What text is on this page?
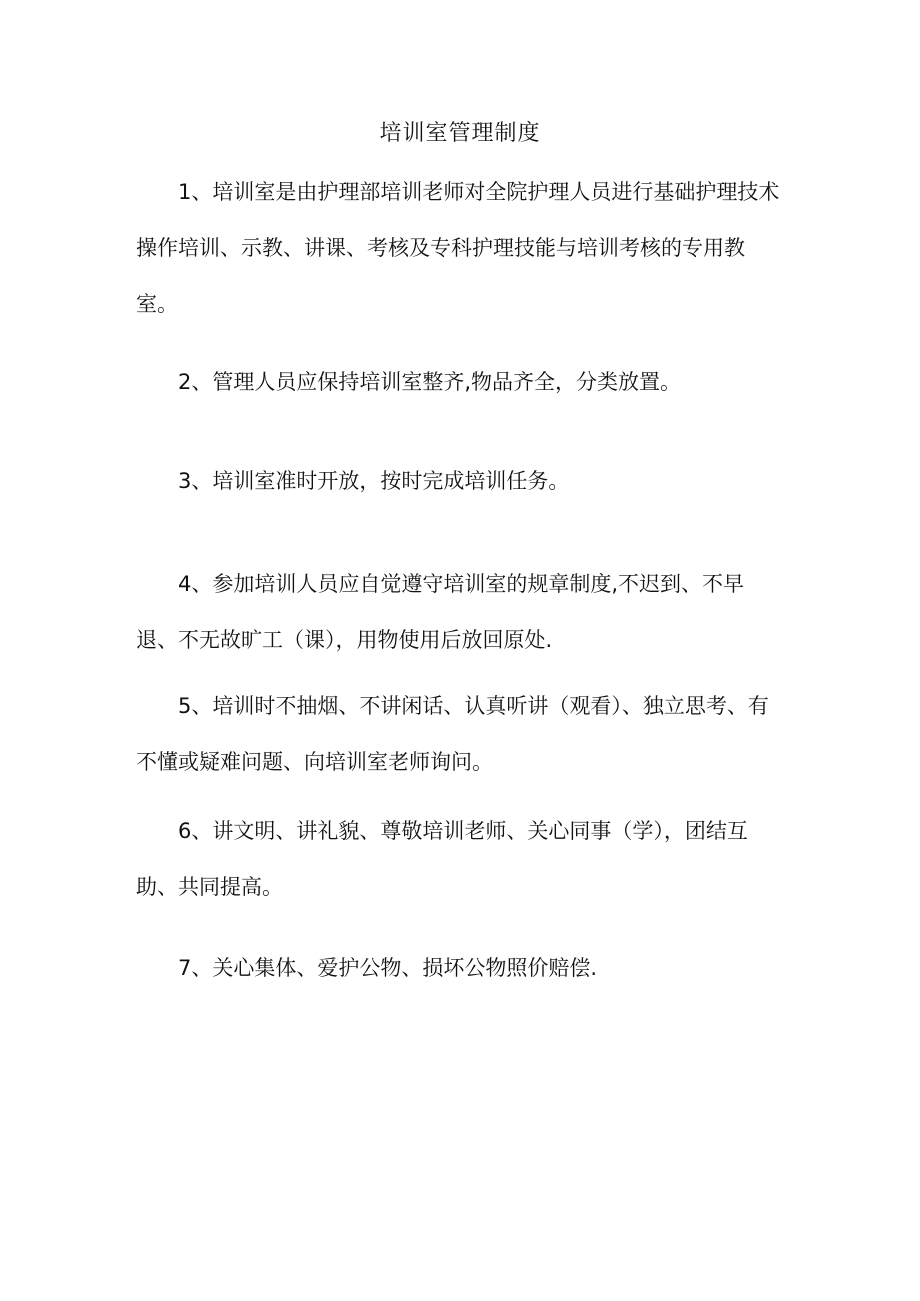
培训室管理制度

1、培训室是由护理部培训老师对全院护理人员进行基础护理技术操作培训、示教、讲课、考核及专科护理技能与培训考核的专用教室。

2、管理人员应保持培训室整齐,物品齐全，分类放置。

3、培训室准时开放，按时完成培训任务。

4、参加培训人员应自觉遵守培训室的规章制度,不迟到、不早退、不无故旷工（课），用物使用后放回原处.

5、培训时不抽烟、不讲闲话、认真听讲（观看）、独立思考、有不懂或疑难问题、向培训室老师询问。

6、讲文明、讲礼貌、尊敬培训老师、关心同事（学），团结互助、共同提高。

7、关心集体、爱护公物、损坏公物照价赔偿.
